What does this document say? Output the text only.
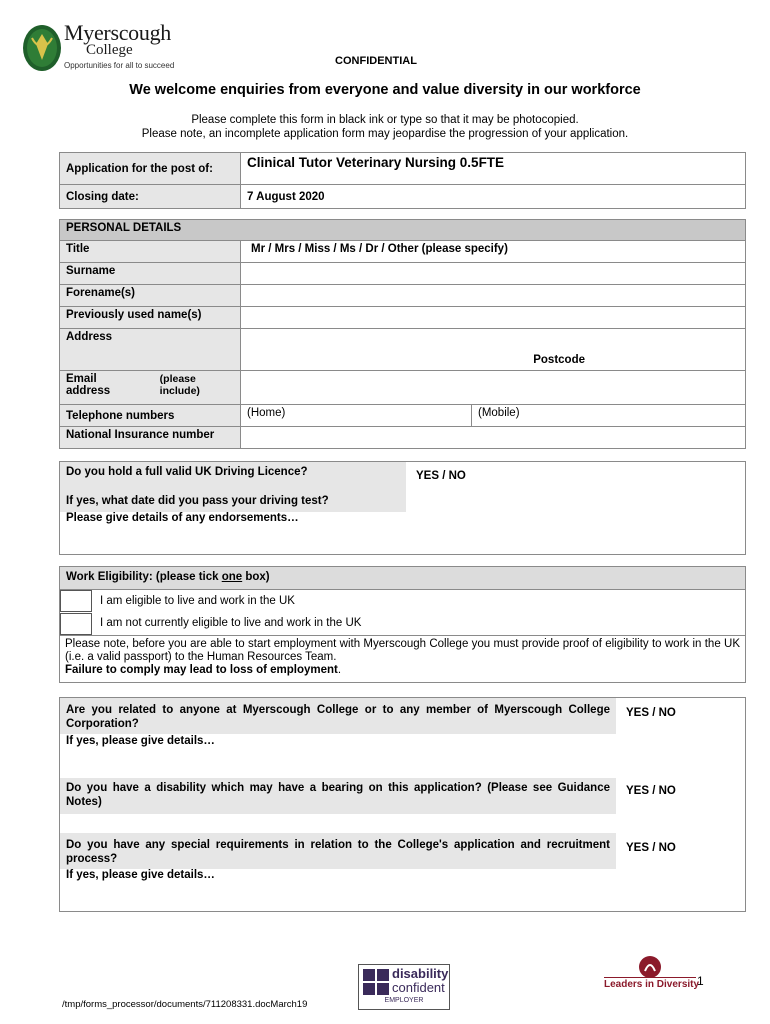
Myerscough
College
Opportunities for all to succeed	CONFIDENTIAL
We welcome enquiries from everyone and value diversity in our workforce
Please complete this form in black ink or type so that it may be photocopied.
Please note, an incomplete application form may jeopardise the progression of your application.
Application for the post of:	Clinical Tutor Veterinary Nursing 0.5FTE
Closing date:	7 August 2020
PERSONAL DETAILS		
Title	Mr / Mrs / Miss / Ms / Dr / Other (please specify)	
Surname		
Forename(s)		
Previously used name(s)		
Address	Postcode	

Email address
(please include)		

Telephone numbers	(Home)	(Mobile)
National Insurance number		
Do you hold a full valid UK Driving Licence?	YES / NO
If yes, what date did you pass your driving test?
Please give details of any endorsements…
Work Eligibility: (please tick one box)
I am eligible to live and work in the UK
I am not currently eligible to live and work in the UK
Please note, before you are able to start employment with Myerscough College you must provide proof of eligibility to work in the UK (i.e. a valid passport) to the Human Resources Team.
Failure to comply may lead to loss of employment.
Are you related to anyone at Myerscough College or to any member of Myerscough College Corporation?
YES / NO
If yes, please give details…
Do you have a disability which may have a bearing on this application? (Please see Guidance Notes)
YES / NO
Do you have any special requirements in relation to the College's application and recruitment process?
YES / NO
If yes, please give details…
/tmp/forms_processor/documents/711208331.docMarch19
disability
confident
EMPLOYER
Leaders in Diversity
1
